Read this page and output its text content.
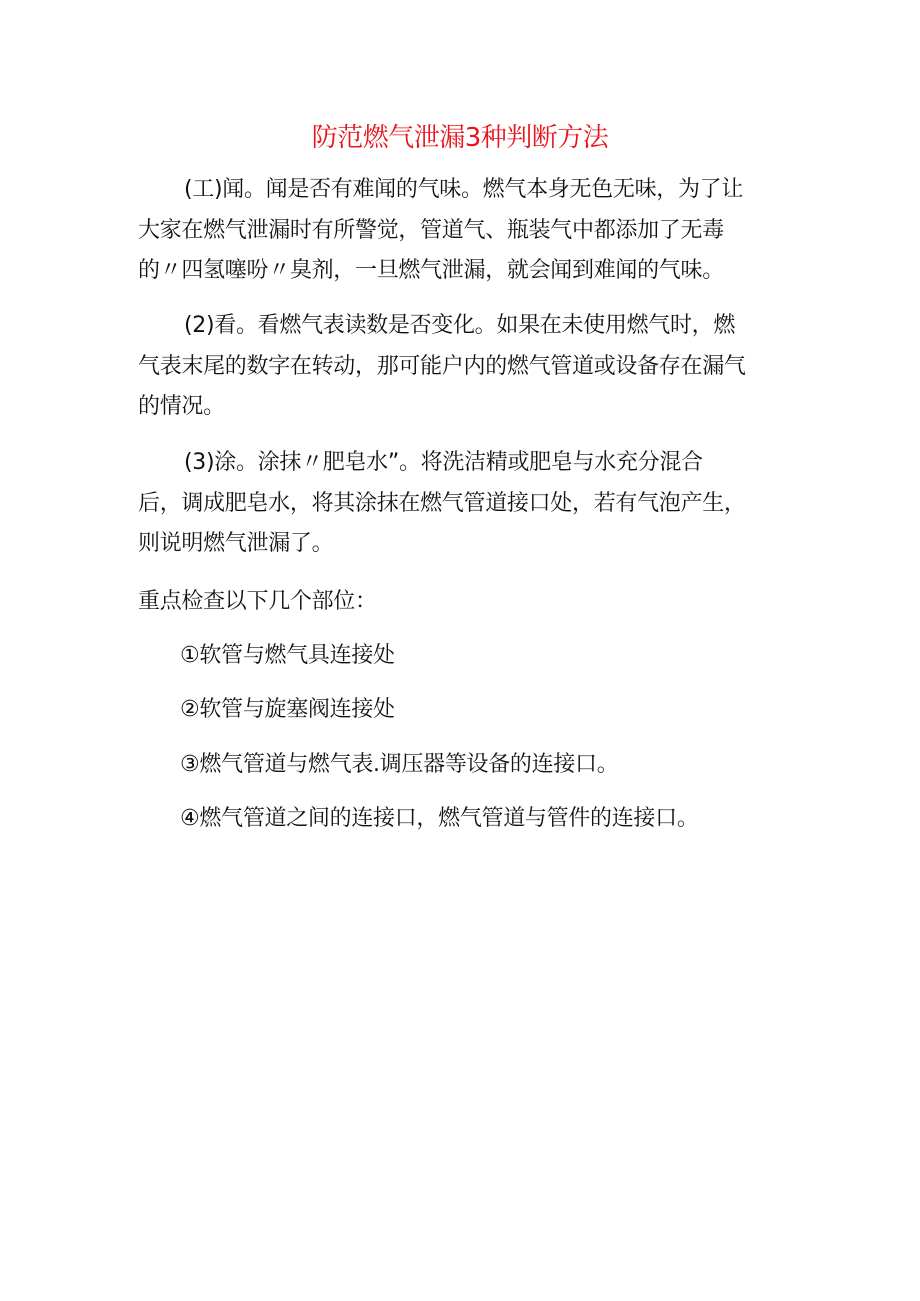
防范燃气泄漏3种判断方法
(工)闻。闻是否有难闻的气味。燃气本身无色无味，为了让
大家在燃气泄漏时有所警觉，管道气、瓶装气中都添加了无毒
的〃四氢噻吩〃臭剂，一旦燃气泄漏，就会闻到难闻的气味。
(2)看。看燃气表读数是否变化。如果在未使用燃气时，燃
气表末尾的数字在转动，那可能户内的燃气管道或设备存在漏气
的情况。
(3)涂。涂抹〃肥皂水”。将洗洁精或肥皂与水充分混合
后，调成肥皂水，将其涂抹在燃气管道接口处，若有气泡产生，
则说明燃气泄漏了。
重点检查以下几个部位：
①软管与燃气具连接处
②软管与旋塞阀连接处
③燃气管道与燃气表.调压器等设备的连接口。
④燃气管道之间的连接口，燃气管道与管件的连接口。
